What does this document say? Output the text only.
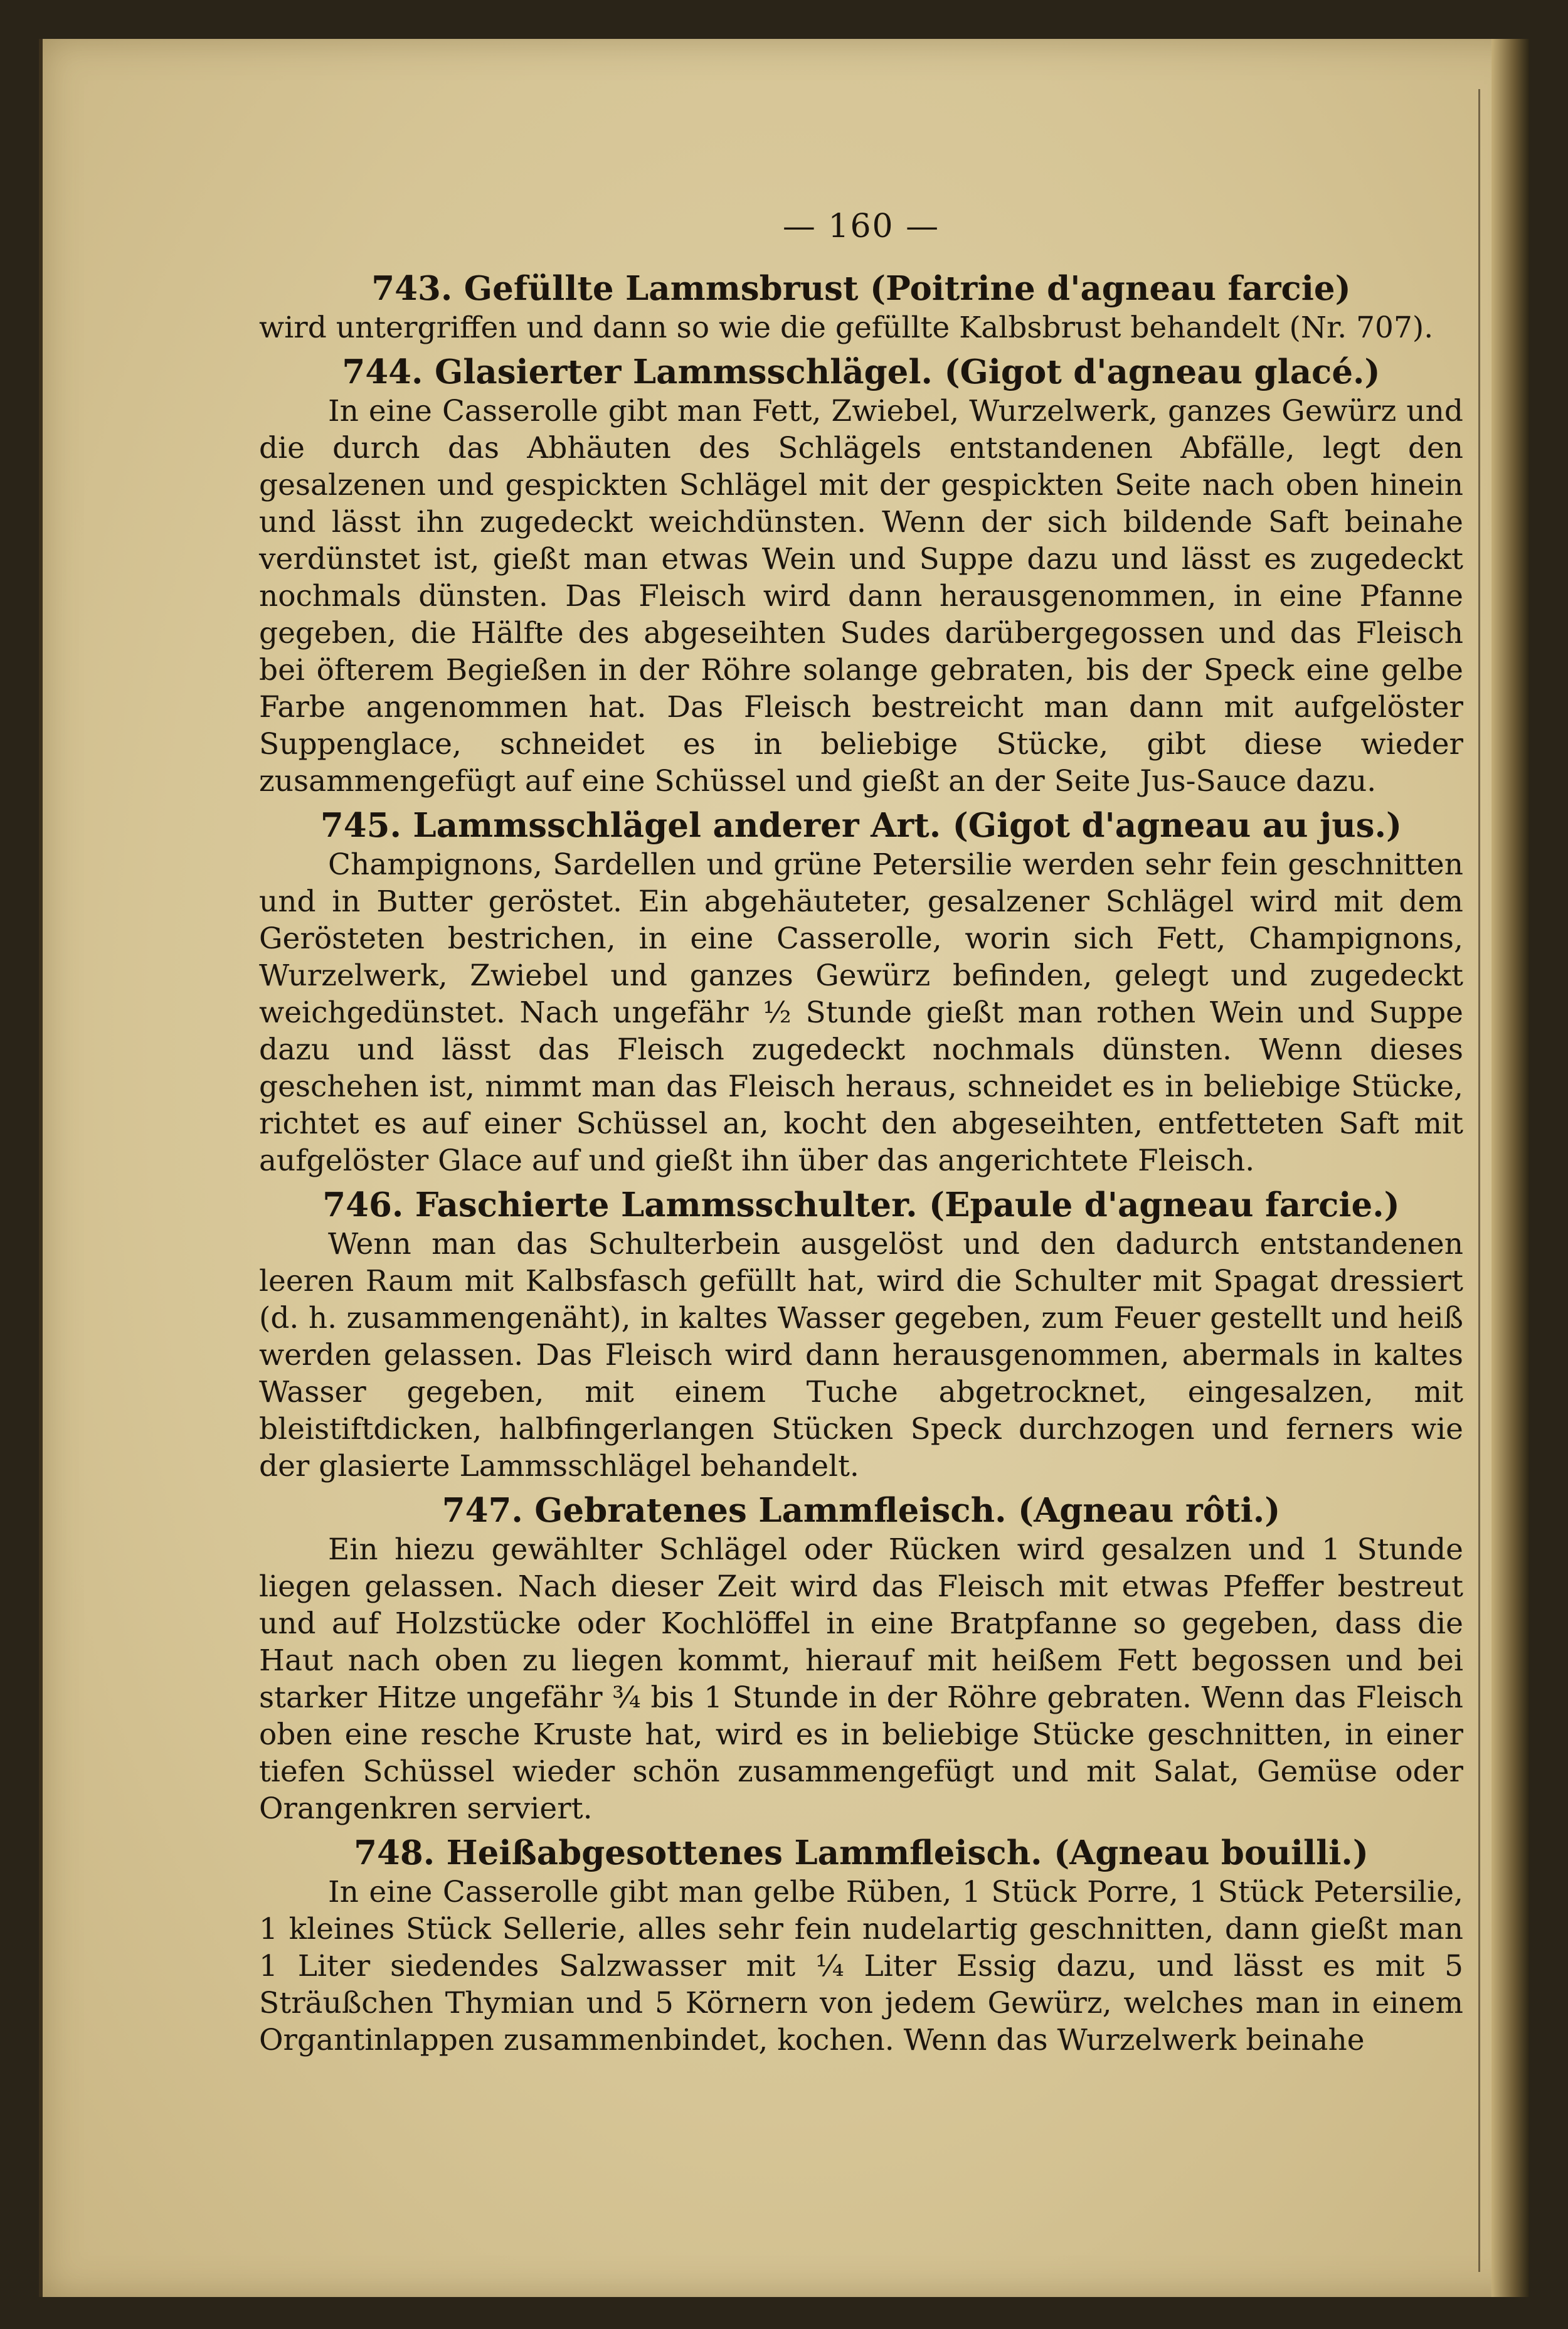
— 160 —
743. Gefüllte Lammsbrust (Poitrine d'agneau farcie)

wird untergriffen und dann so wie die gefüllte Kalbsbrust behandelt (Nr. 707).

744. Glasierter Lammsschlägel. (Gigot d'agneau glacé.)

In eine Casserolle gibt man Fett, Zwiebel, Wurzelwerk, ganzes Gewürz und die durch das Abhäuten des Schlägels entstandenen Abfälle, legt den gesalzenen und gespickten Schlägel mit der gespickten Seite nach oben hinein und lässt ihn zugedeckt weichdünsten. Wenn der sich bildende Saft beinahe verdünstet ist, gießt man etwas Wein und Suppe dazu und lässt es zugedeckt nochmals dünsten. Das Fleisch wird dann herausgenommen, in eine Pfanne gegeben, die Hälfte des abgeseihten Sudes darübergegossen und das Fleisch bei öfterem Begießen in der Röhre solange gebraten, bis der Speck eine gelbe Farbe angenommen hat. Das Fleisch bestreicht man dann mit aufgelöster Suppenglace, schneidet es in beliebige Stücke, gibt diese wieder zusammengefügt auf eine Schüssel und gießt an der Seite Jus-Sauce dazu.

745. Lammsschlägel anderer Art. (Gigot d'agneau au jus.)

Champignons, Sardellen und grüne Petersilie werden sehr fein geschnitten und in Butter geröstet. Ein abgehäuteter, gesalzener Schlägel wird mit dem Gerösteten bestrichen, in eine Casserolle, worin sich Fett, Champignons, Wurzelwerk, Zwiebel und ganzes Gewürz befinden, gelegt und zugedeckt weichgedünstet. Nach ungefähr ½ Stunde gießt man rothen Wein und Suppe dazu und lässt das Fleisch zugedeckt nochmals dünsten. Wenn dieses geschehen ist, nimmt man das Fleisch heraus, schneidet es in beliebige Stücke, richtet es auf einer Schüssel an, kocht den abgeseihten, entfetteten Saft mit aufgelöster Glace auf und gießt ihn über das angerichtete Fleisch.

746. Faschierte Lammsschulter. (Epaule d'agneau farcie.)

Wenn man das Schulterbein ausgelöst und den dadurch entstandenen leeren Raum mit Kalbsfasch gefüllt hat, wird die Schulter mit Spagat dressiert (d. h. zusammengenäht), in kaltes Wasser gegeben, zum Feuer gestellt und heiß werden gelassen. Das Fleisch wird dann herausgenommen, abermals in kaltes Wasser gegeben, mit einem Tuche abgetrocknet, eingesalzen, mit bleistiftdicken, halbfingerlangen Stücken Speck durchzogen und ferners wie der glasierte Lammsschlägel behandelt.

747. Gebratenes Lammfleisch. (Agneau rôti.)

Ein hiezu gewählter Schlägel oder Rücken wird gesalzen und 1 Stunde liegen gelassen. Nach dieser Zeit wird das Fleisch mit etwas Pfeffer bestreut und auf Holzstücke oder Kochlöffel in eine Bratpfanne so gegeben, dass die Haut nach oben zu liegen kommt, hierauf mit heißem Fett begossen und bei starker Hitze ungefähr ¾ bis 1 Stunde in der Röhre gebraten. Wenn das Fleisch oben eine resche Kruste hat, wird es in beliebige Stücke geschnitten, in einer tiefen Schüssel wieder schön zusammengefügt und mit Salat, Gemüse oder Orangenkren serviert.

748. Heißabgesottenes Lammfleisch. (Agneau bouilli.)

In eine Casserolle gibt man gelbe Rüben, 1 Stück Porre, 1 Stück Petersilie, 1 kleines Stück Sellerie, alles sehr fein nudelartig geschnitten, dann gießt man 1 Liter siedendes Salzwasser mit ¼ Liter Essig dazu, und lässt es mit 5 Sträußchen Thymian und 5 Körnern von jedem Gewürz, welches man in einem Organtinlappen zusammenbindet, kochen. Wenn das Wurzelwerk beinahe
